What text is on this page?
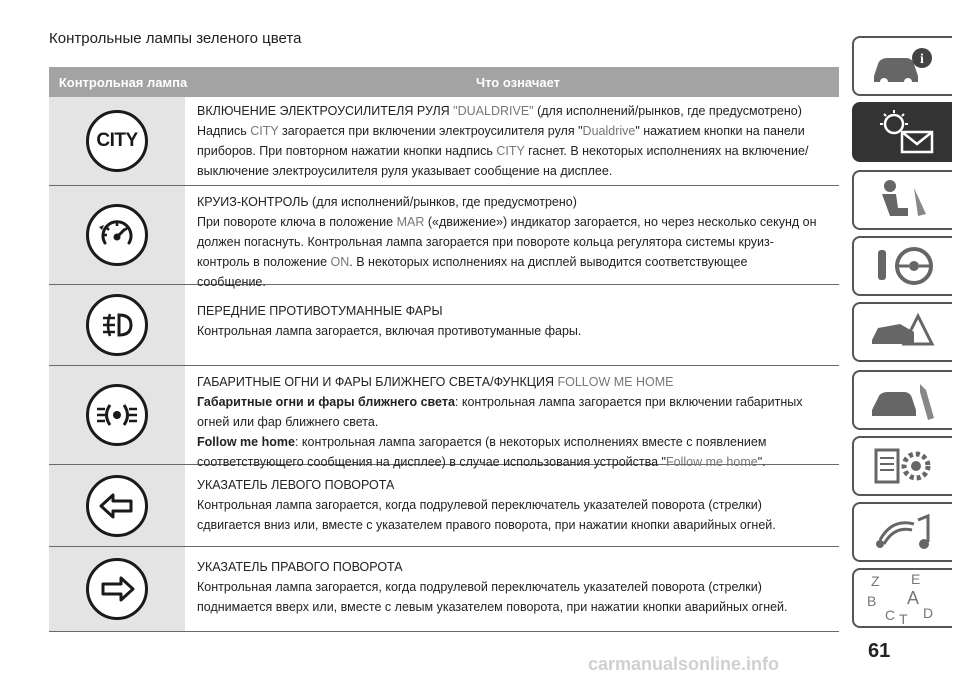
Контрольные лампы зеленого цвета
Контрольная лампа	Что означает
CITY

ВКЛЮЧЕНИЕ ЭЛЕКТРОУСИЛИТЕЛЯ РУЛЯ "DUALDRIVE" (для исполнений/рынков, где предусмотрено)

Надпись CITY загорается при включении электроусилителя руля "Dualdrive" нажатием кнопки на панели

приборов. При повторном нажатии кнопки надпись CITY гаснет. В некоторых исполнениях на включение/

выключение электроусилителя руля указывает сообщение на дисплее.

КРУИЗ-КОНТРОЛЬ (для исполнений/рынков, где предусмотрено)

При повороте ключа в положение MAR («движение») индикатор загорается, но через несколько секунд он

должен погаснуть. Контрольная лампа загорается при повороте кольца регулятора системы круиз-

контроль в положение ON. В некоторых исполнениях на дисплей выводится соответствующее

сообщение.

ПЕРЕДНИЕ ПРОТИВОТУМАННЫЕ ФАРЫ

Контрольная лампа загорается, включая противотуманные фары.

ГАБАРИТНЫЕ ОГНИ И ФАРЫ БЛИЖНЕГО СВЕТА/ФУНКЦИЯ FOLLOW ME HOME

Габаритные огни и фары ближнего света: контрольная лампа загорается при включении габаритных

огней или фар ближнего света.

Follow me home: контрольная лампа загорается (в некоторых исполнениях вместе с появлением

соответствующего сообщения на дисплее) в случае использования устройства "Follow me home".

УКАЗАТЕЛЬ ЛЕВОГО ПОВОРОТА

Контрольная лампа загорается, когда подрулевой переключатель указателей поворота (стрелки)

сдвигается вниз или, вместе с указателем правого поворота, при нажатии кнопки аварийных огней.

УКАЗАТЕЛЬ ПРАВОГО ПОВОРОТА

Контрольная лампа загорается, когда подрулевой переключатель указателей поворота (стрелки)

поднимается вверх или, вместе с левым указателем поворота, при нажатии кнопки аварийных огней.

i
Z E
B A
C D
T
61
carmanualsonline.info
